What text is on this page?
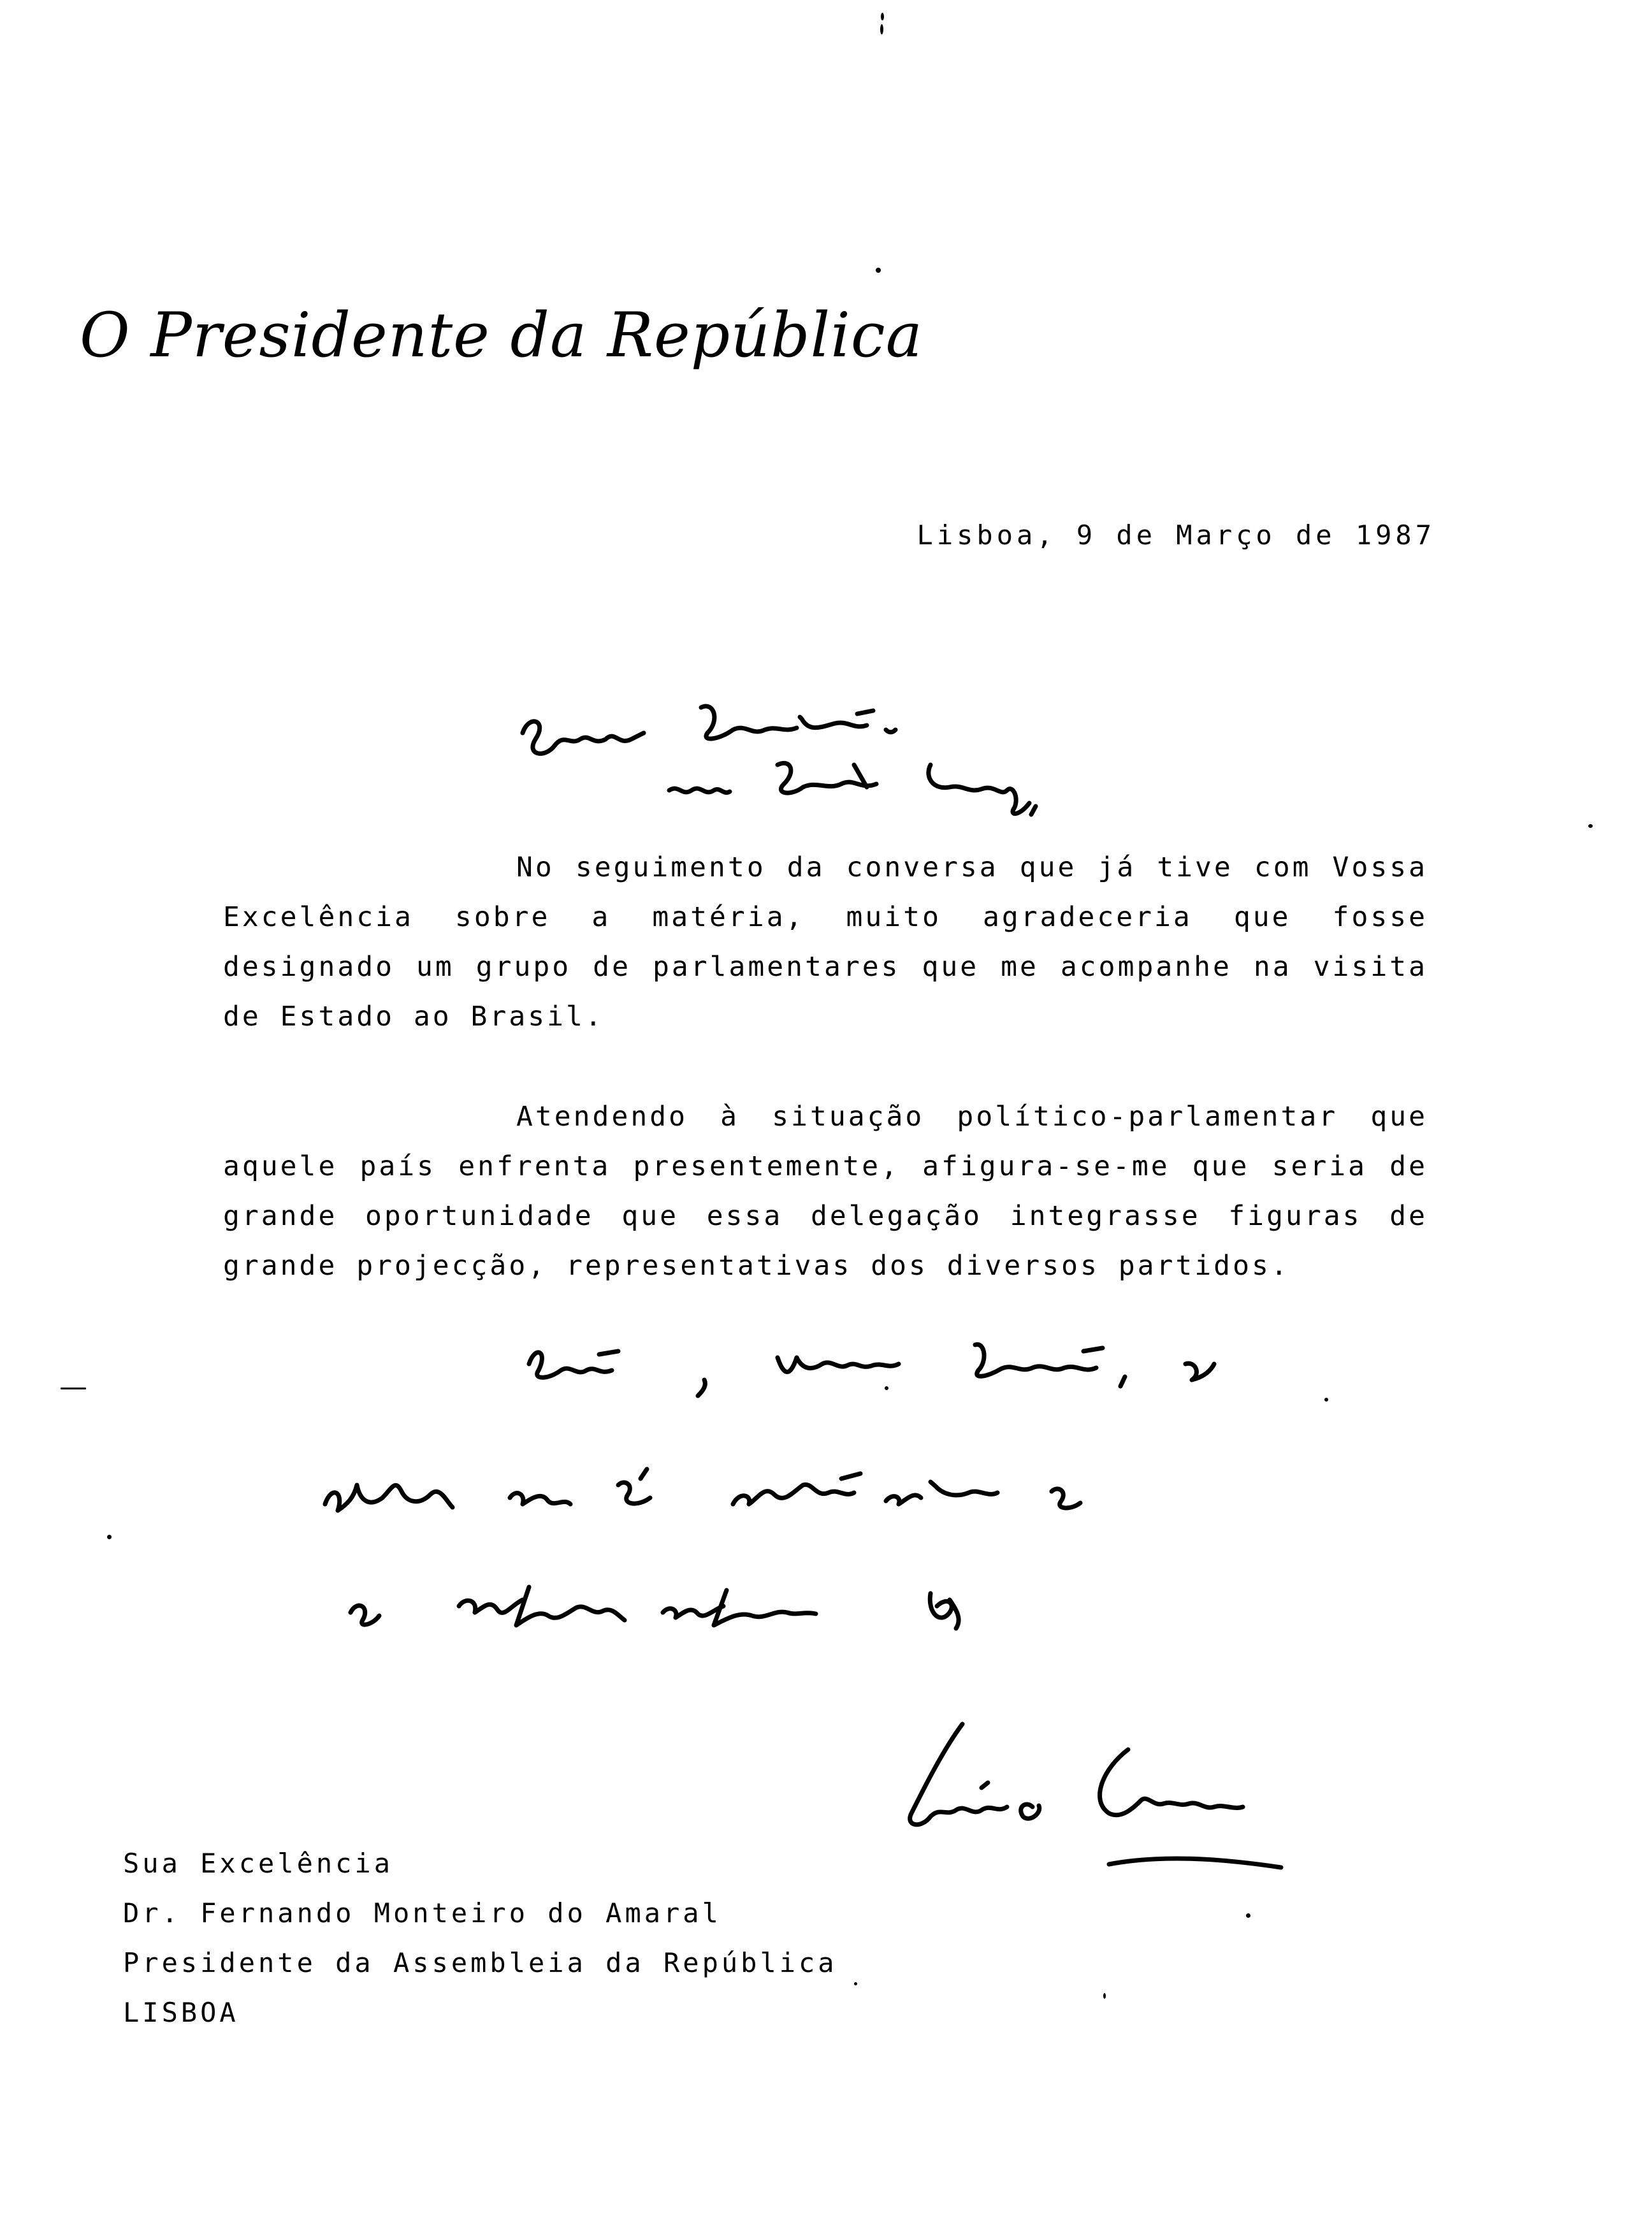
O Presidente da República
Lisboa, 9 de Março de 1987

No seguimento da conversa que já tive com Vossa Excelência sobre a matéria, muito agradeceria que fosse designado um grupo de parlamentares que me acompanhe na visita de Estado ao Brasil.

Atendendo à situação político-parlamentar que aquele país enfrenta presentemente, afigura-se-me que seria de grande oportunidade que essa delegação integrasse figuras de grande projecção, representativas dos diversos partidos.

Sua Excelência
Dr. Fernando Monteiro do Amaral
Presidente da Assembleia da República
LISBOA
